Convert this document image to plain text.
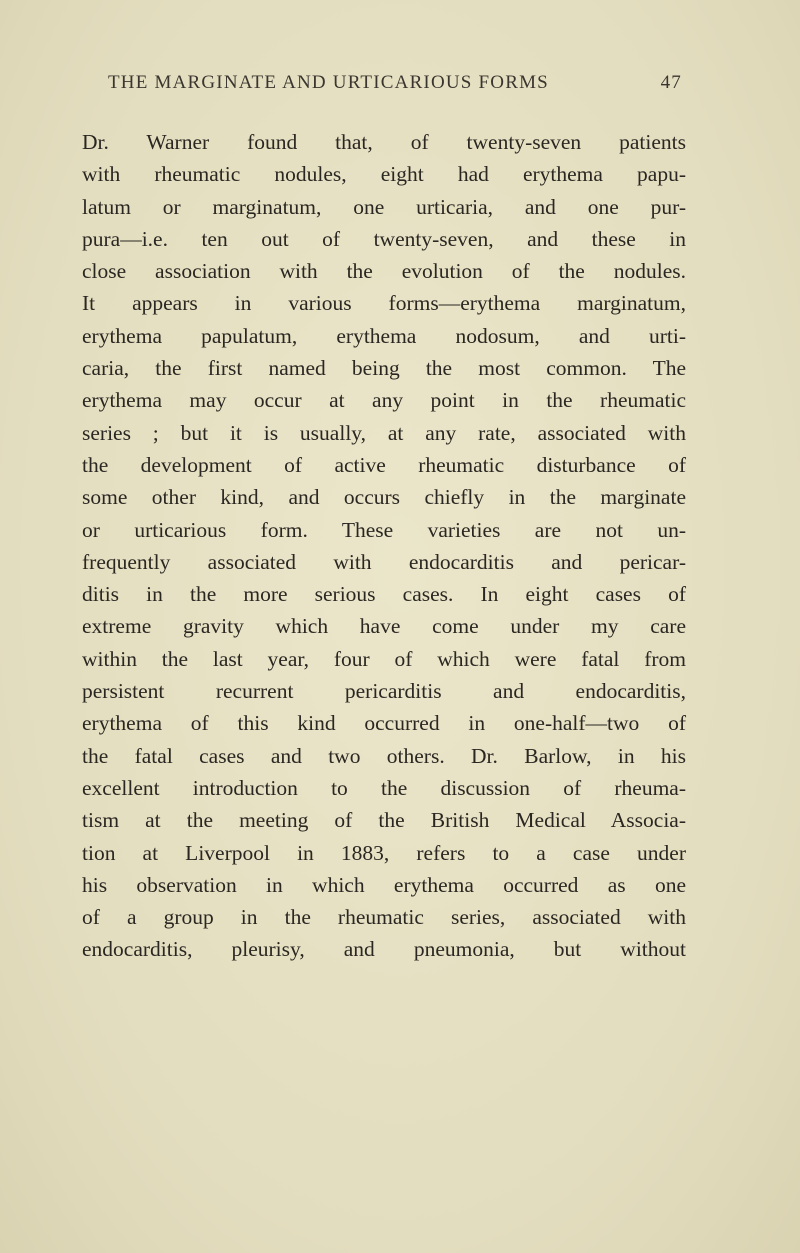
THE MARGINATE AND URTICARIOUS FORMS	47
Dr. Warner found that, of twenty-seven patients
with rheumatic nodules, eight had erythema papu-
latum or marginatum, one urticaria, and one pur-
pura—i.e. ten out of twenty-seven, and these in
close association with the evolution of the nodules.
It appears in various forms—erythema marginatum,
erythema papulatum, erythema nodosum, and urti-
caria, the first named being the most common. The
erythema may occur at any point in the rheumatic
series ; but it is usually, at any rate, associated with
the development of active rheumatic disturbance of
some other kind, and occurs chiefly in the marginate
or urticarious form. These varieties are not un-
frequently associated with endocarditis and pericar-
ditis in the more serious cases. In eight cases of
extreme gravity which have come under my care
within the last year, four of which were fatal from
persistent recurrent pericarditis and endocarditis,
erythema of this kind occurred in one-half—two of
the fatal cases and two others. Dr. Barlow, in his
excellent introduction to the discussion of rheuma-
tism at the meeting of the British Medical Associa-
tion at Liverpool in 1883, refers to a case under
his observation in which erythema occurred as one
of a group in the rheumatic series, associated with
endocarditis, pleurisy, and pneumonia, but without
